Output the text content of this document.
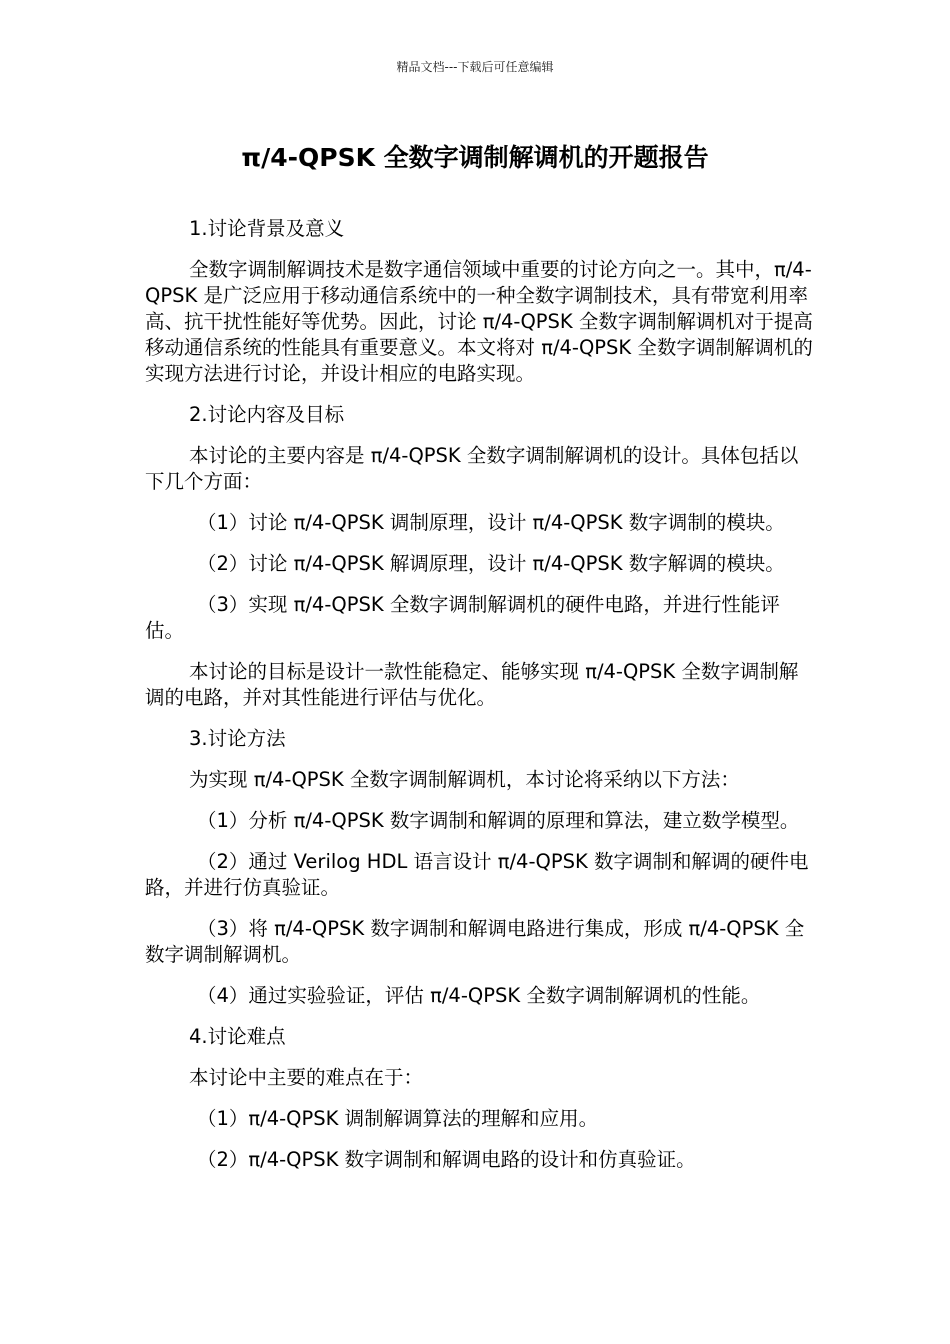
精品文档---下载后可任意编辑
π/4-QPSK 全数字调制解调机的开题报告

1.讨论背景及意义

全数字调制解调技术是数字通信领域中重要的讨论方向之一。其中，π/4-QPSK 是广泛应用于移动通信系统中的一种全数字调制技术，具有带宽利用率高、抗干扰性能好等优势。因此，讨论 π/4-QPSK 全数字调制解调机对于提高移动通信系统的性能具有重要意义。本文将对 π/4-QPSK 全数字调制解调机的实现方法进行讨论，并设计相应的电路实现。

2.讨论内容及目标

本讨论的主要内容是 π/4-QPSK 全数字调制解调机的设计。具体包括以下几个方面：

（1）讨论 π/4-QPSK 调制原理，设计 π/4-QPSK 数字调制的模块。

（2）讨论 π/4-QPSK 解调原理，设计 π/4-QPSK 数字解调的模块。

（3）实现 π/4-QPSK 全数字调制解调机的硬件电路，并进行性能评估。

本讨论的目标是设计一款性能稳定、能够实现 π/4-QPSK 全数字调制解调的电路，并对其性能进行评估与优化。

3.讨论方法

为实现 π/4-QPSK 全数字调制解调机，本讨论将采纳以下方法：

（1）分析 π/4-QPSK 数字调制和解调的原理和算法，建立数学模型。

（2）通过 Verilog HDL 语言设计 π/4-QPSK 数字调制和解调的硬件电路，并进行仿真验证。

（3）将 π/4-QPSK 数字调制和解调电路进行集成，形成 π/4-QPSK 全数字调制解调机。

（4）通过实验验证，评估 π/4-QPSK 全数字调制解调机的性能。

4.讨论难点

本讨论中主要的难点在于：

（1）π/4-QPSK 调制解调算法的理解和应用。

（2）π/4-QPSK 数字调制和解调电路的设计和仿真验证。
